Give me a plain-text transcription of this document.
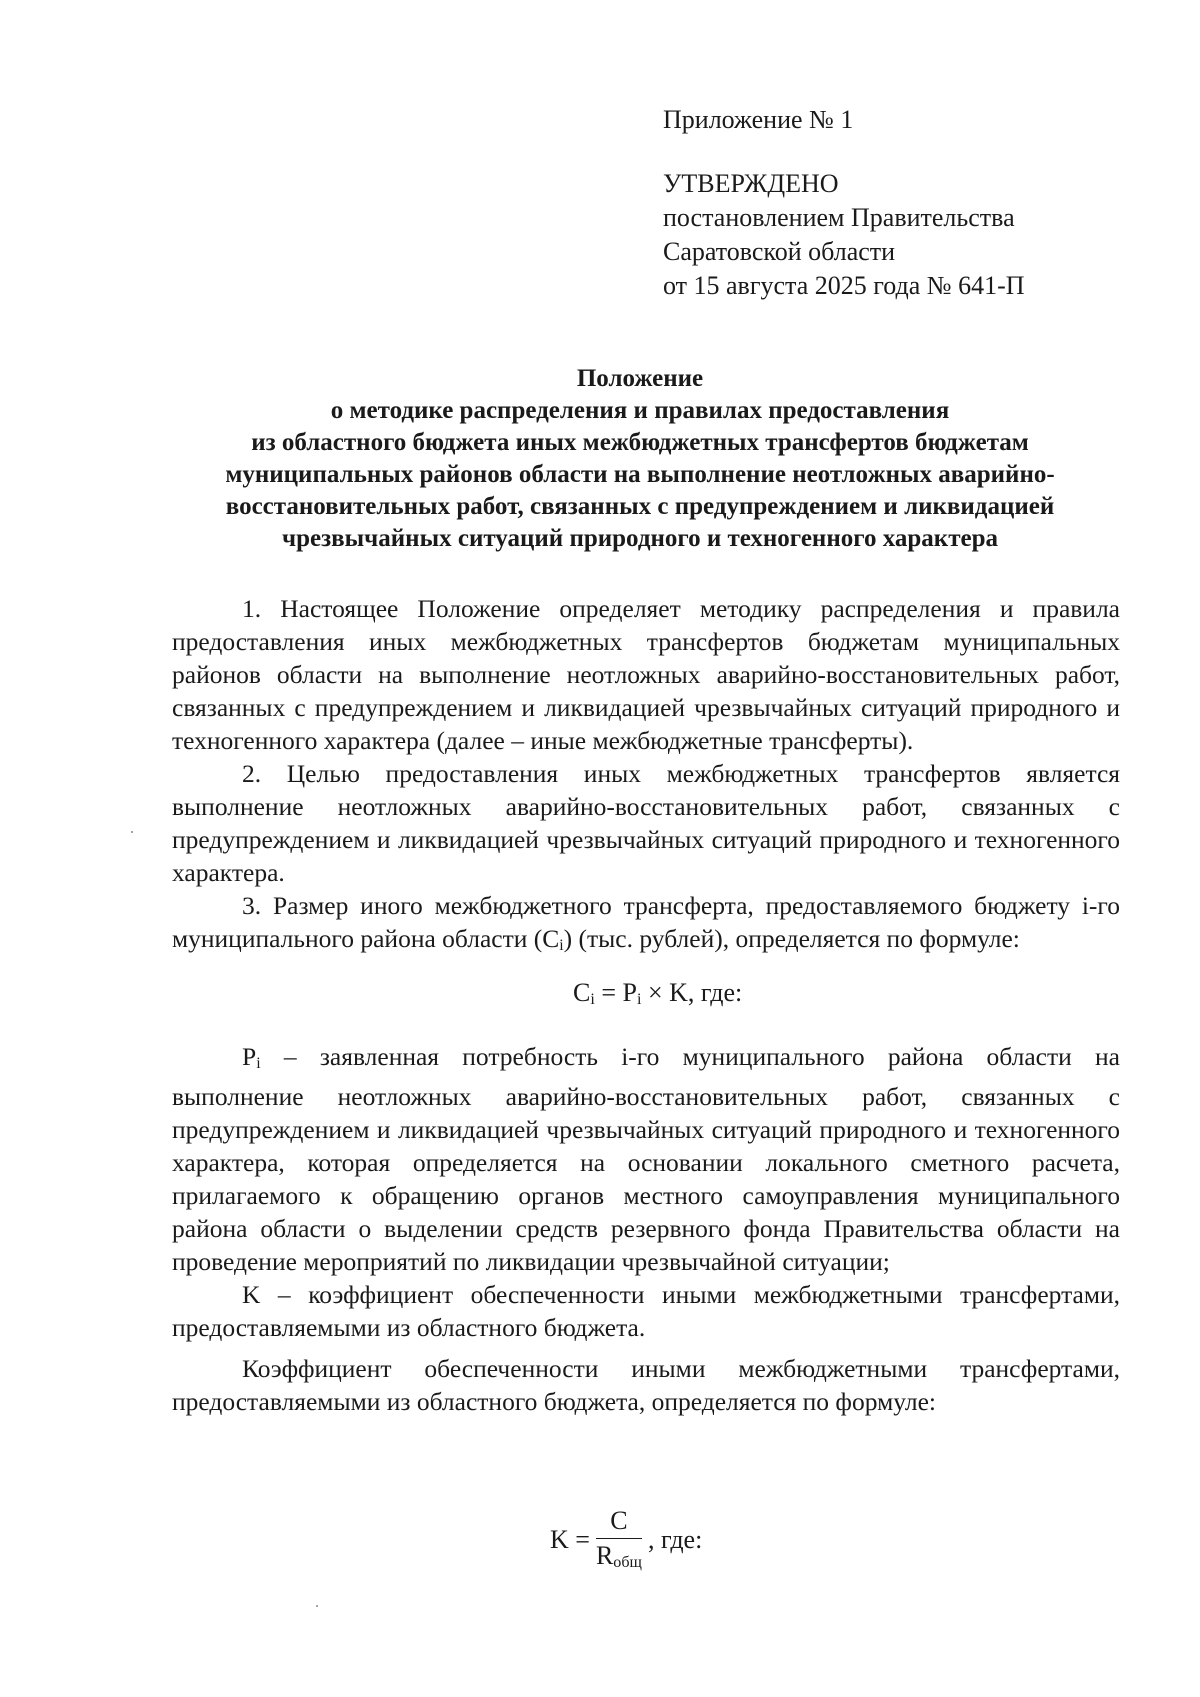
Приложение № 1
УТВЕРЖДЕНО
постановлением Правительства
Саратовской области
от 15 августа 2025 года № 641-П
Положение
о методике распределения и правилах предоставления
из областного бюджета иных межбюджетных трансфертов бюджетам
муниципальных районов области на выполнение неотложных аварийно-
восстановительных работ, связанных с предупреждением и ликвидацией
чрезвычайных ситуаций природного и техногенного характера

1. Настоящее Положение определяет методику распределения и правила предоставления иных межбюджетных трансфертов бюджетам муниципальных районов области на выполнение неотложных аварийно-восстановительных работ, связанных с предупреждением и ликвидацией чрезвычайных ситуаций природного и техногенного характера (далее – иные межбюджетные трансферты).

2. Целью предоставления иных межбюджетных трансфертов является выполнение неотложных аварийно-восстановительных работ, связанных с предупреждением и ликвидацией чрезвычайных ситуаций природного и техногенного характера.

3. Размер иного межбюджетного трансферта, предоставляемого бюджету i-го муниципального района области $(C_i)$ (тыс. рублей), определяется по формуле:

$C_i = P_i \times K$, где:

$P_i$ – заявленная потребность i-го муниципального района области на выполнение неотложных аварийно-восстановительных работ, связанных с предупреждением и ликвидацией чрезвычайных ситуаций природного и техногенного характера, которая определяется на основании локального сметного расчета, прилагаемого к обращению органов местного самоуправления муниципального района области о выделении средств резервного фонда Правительства области на проведение мероприятий по ликвидации чрезвычайной ситуации;

K – коэффициент обеспеченности иными межбюджетными трансфертами, предоставляемыми из областного бюджета.

Коэффициент обеспеченности иными межбюджетными трансфертами, предоставляемыми из областного бюджета, определяется по формуле:

$K = \frac{C}{R_{общ}}$ , где:
